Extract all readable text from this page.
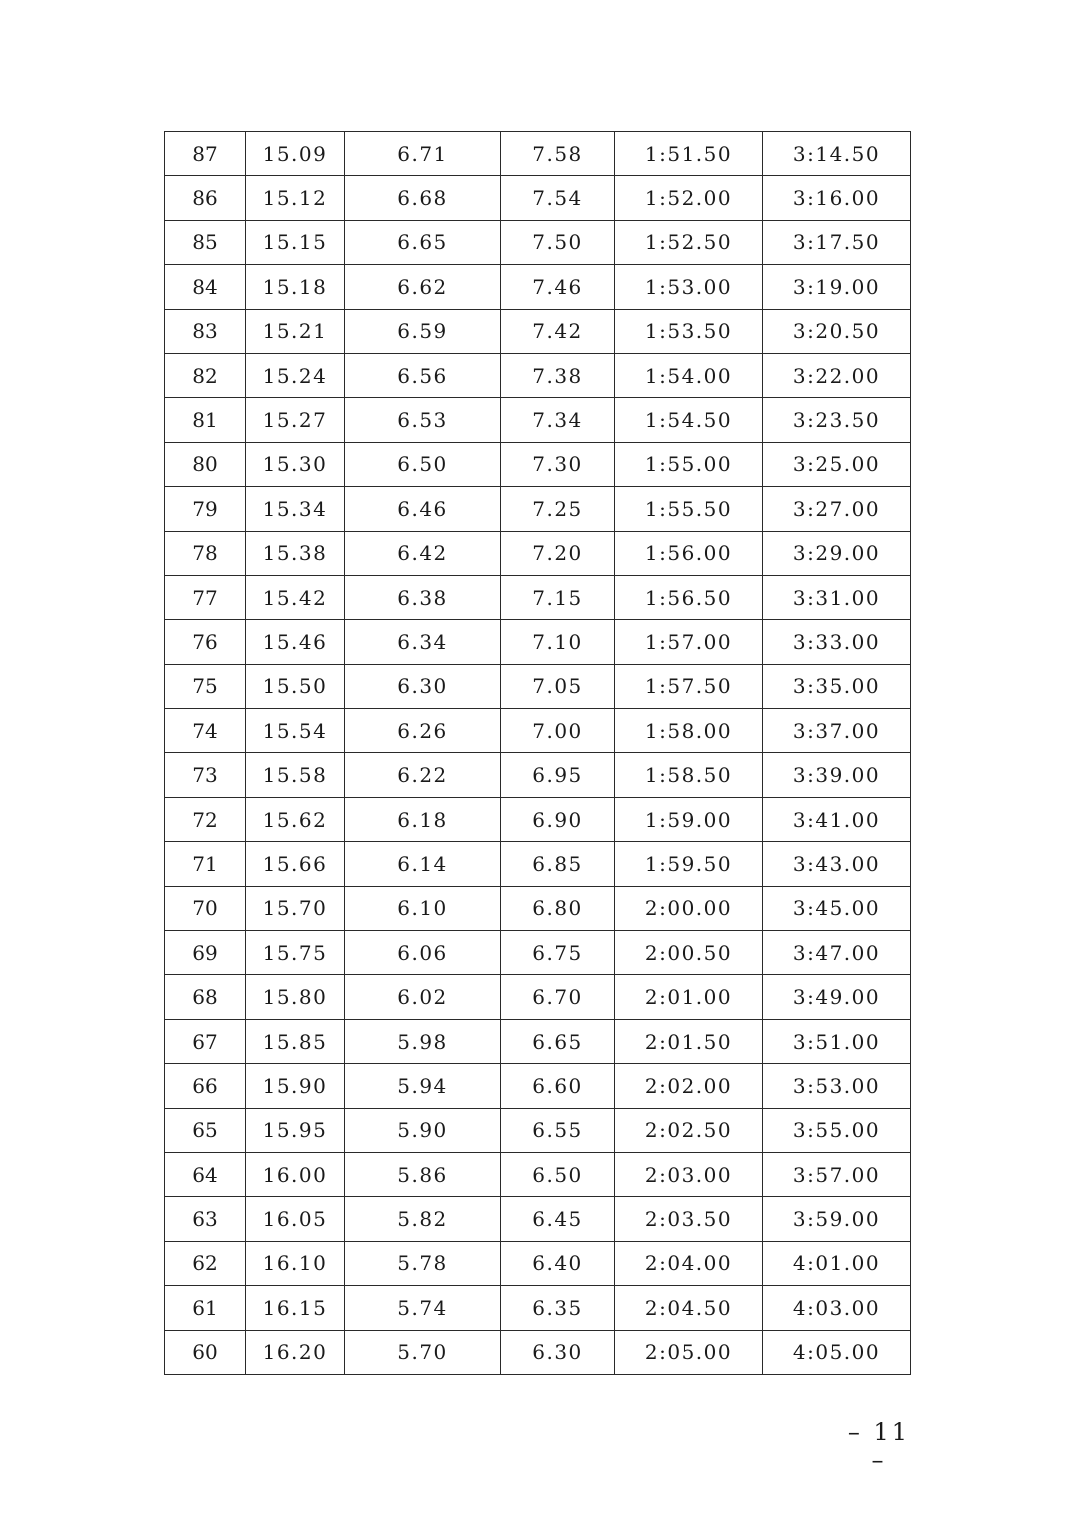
87	15.09	6.71	7.58	1:51.50	3:14.50
86	15.12	6.68	7.54	1:52.00	3:16.00
85	15.15	6.65	7.50	1:52.50	3:17.50
84	15.18	6.62	7.46	1:53.00	3:19.00
83	15.21	6.59	7.42	1:53.50	3:20.50
82	15.24	6.56	7.38	1:54.00	3:22.00
81	15.27	6.53	7.34	1:54.50	3:23.50
80	15.30	6.50	7.30	1:55.00	3:25.00
79	15.34	6.46	7.25	1:55.50	3:27.00
78	15.38	6.42	7.20	1:56.00	3:29.00
77	15.42	6.38	7.15	1:56.50	3:31.00
76	15.46	6.34	7.10	1:57.00	3:33.00
75	15.50	6.30	7.05	1:57.50	3:35.00
74	15.54	6.26	7.00	1:58.00	3:37.00
73	15.58	6.22	6.95	1:58.50	3:39.00
72	15.62	6.18	6.90	1:59.00	3:41.00
71	15.66	6.14	6.85	1:59.50	3:43.00
70	15.70	6.10	6.80	2:00.00	3:45.00
69	15.75	6.06	6.75	2:00.50	3:47.00
68	15.80	6.02	6.70	2:01.00	3:49.00
67	15.85	5.98	6.65	2:01.50	3:51.00
66	15.90	5.94	6.60	2:02.00	3:53.00
65	15.95	5.90	6.55	2:02.50	3:55.00
64	16.00	5.86	6.50	2:03.00	3:57.00
63	16.05	5.82	6.45	2:03.50	3:59.00
62	16.10	5.78	6.40	2:04.00	4:01.00
61	16.15	5.74	6.35	2:04.50	4:03.00
60	16.20	5.70	6.30	2:05.00	4:05.00
– 11 –
